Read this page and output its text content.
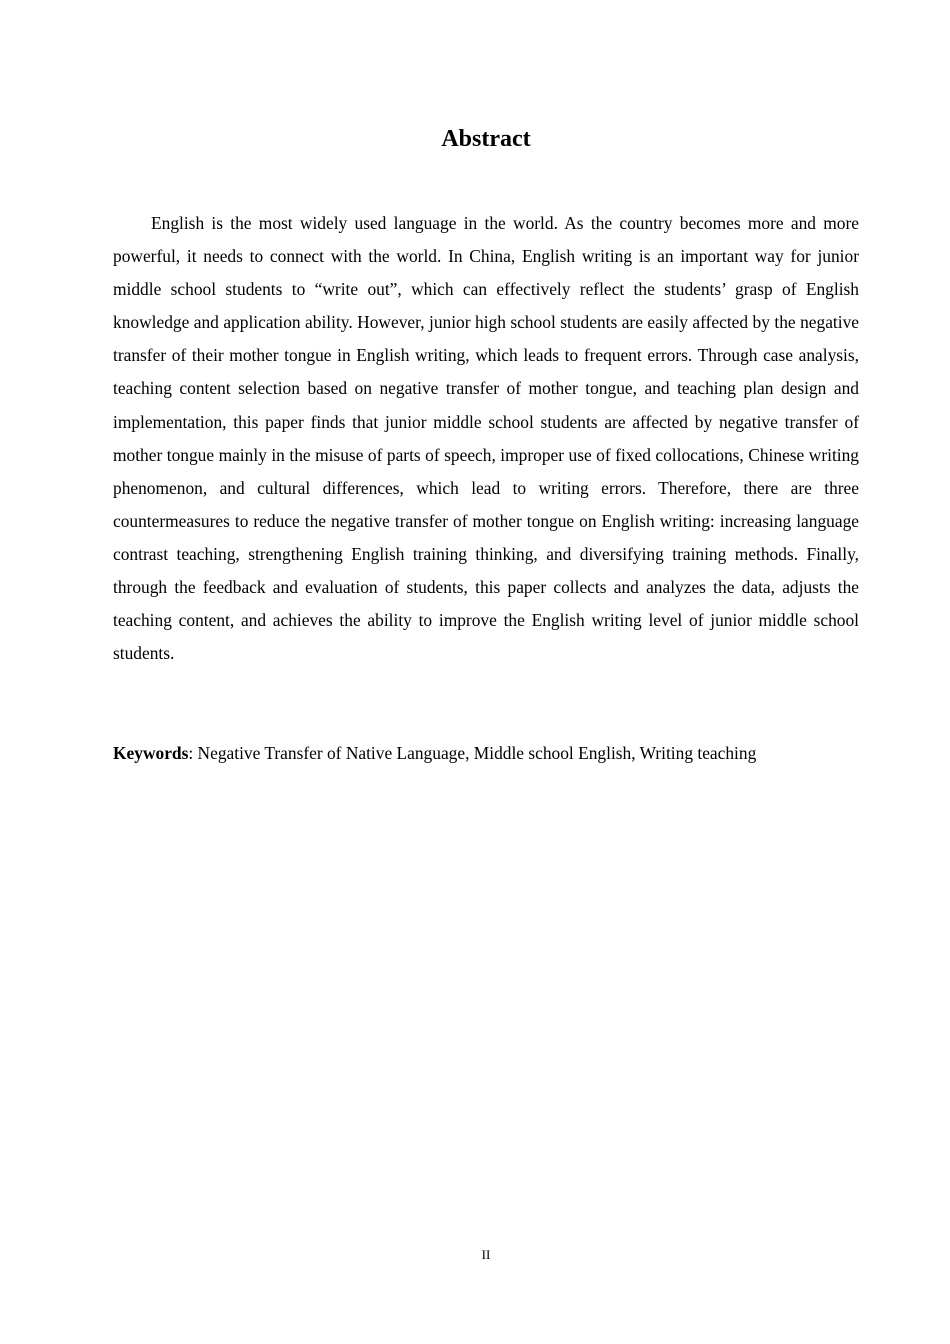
Abstract

English is the most widely used language in the world. As the country becomes more and more powerful, it needs to connect with the world. In China, English writing is an important way for junior middle school students to “write out”, which can effectively reflect the students’ grasp of English knowledge and application ability. However, junior high school students are easily affected by the negative transfer of their mother tongue in English writing, which leads to frequent errors. Through case analysis, teaching content selection based on negative transfer of mother tongue, and teaching plan design and implementation, this paper finds that junior middle school students are affected by negative transfer of mother tongue mainly in the misuse of parts of speech, improper use of fixed collocations, Chinese writing phenomenon, and cultural differences, which lead to writing errors. Therefore, there are three countermeasures to reduce the negative transfer of mother tongue on English writing: increasing language contrast teaching, strengthening English training thinking, and diversifying training methods. Finally, through the feedback and evaluation of students, this paper collects and analyzes the data, adjusts the teaching content, and achieves the ability to improve the English writing level of junior middle school students.

Keywords: Negative Transfer of Native Language, Middle school English, Writing teaching

II
